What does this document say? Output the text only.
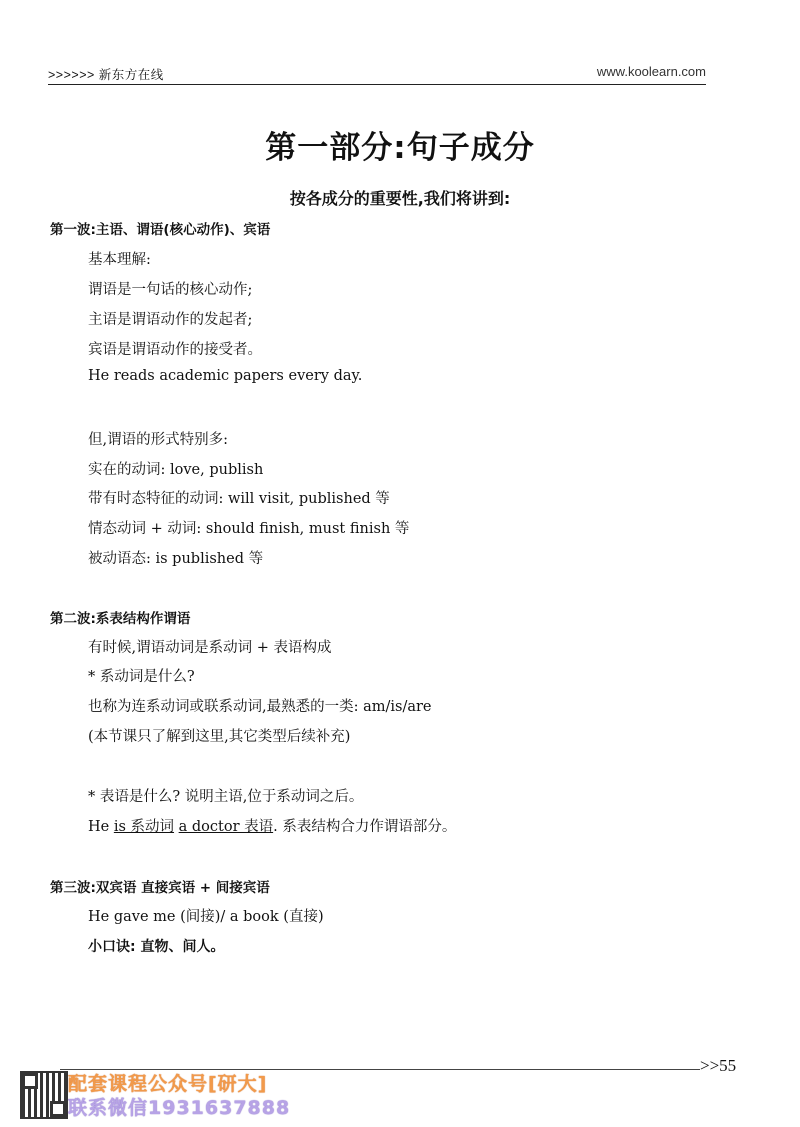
>>>>>> 新东方在线	www.koolearn.com
第一部分:句子成分
按各成分的重要性,我们将讲到:
第一波:主语、谓语(核心动作)、宾语
基本理解:
谓语是一句话的核心动作;
主语是谓语动作的发起者;
宾语是谓语动作的接受者。
He reads academic papers every day.
但,谓语的形式特别多:
实在的动词: love, publish
带有时态特征的动词: will visit, published 等
情态动词 + 动词: should finish, must finish 等
被动语态: is published 等
第二波:系表结构作谓语
有时候,谓语动词是系动词 + 表语构成
* 系动词是什么?
也称为连系动词或联系动词,最熟悉的一类: am/is/are
(本节课只了解到这里,其它类型后续补充)
* 表语是什么? 说明主语,位于系动词之后。
He is 系动词 a doctor 表语. 系表结构合力作谓语部分。
第三波:双宾语 直接宾语 + 间接宾语
He gave me (间接)/ a book (直接)
小口诀: 直物、间人。
>>55
配套课程公众号[研大]
联系微信1931637888
